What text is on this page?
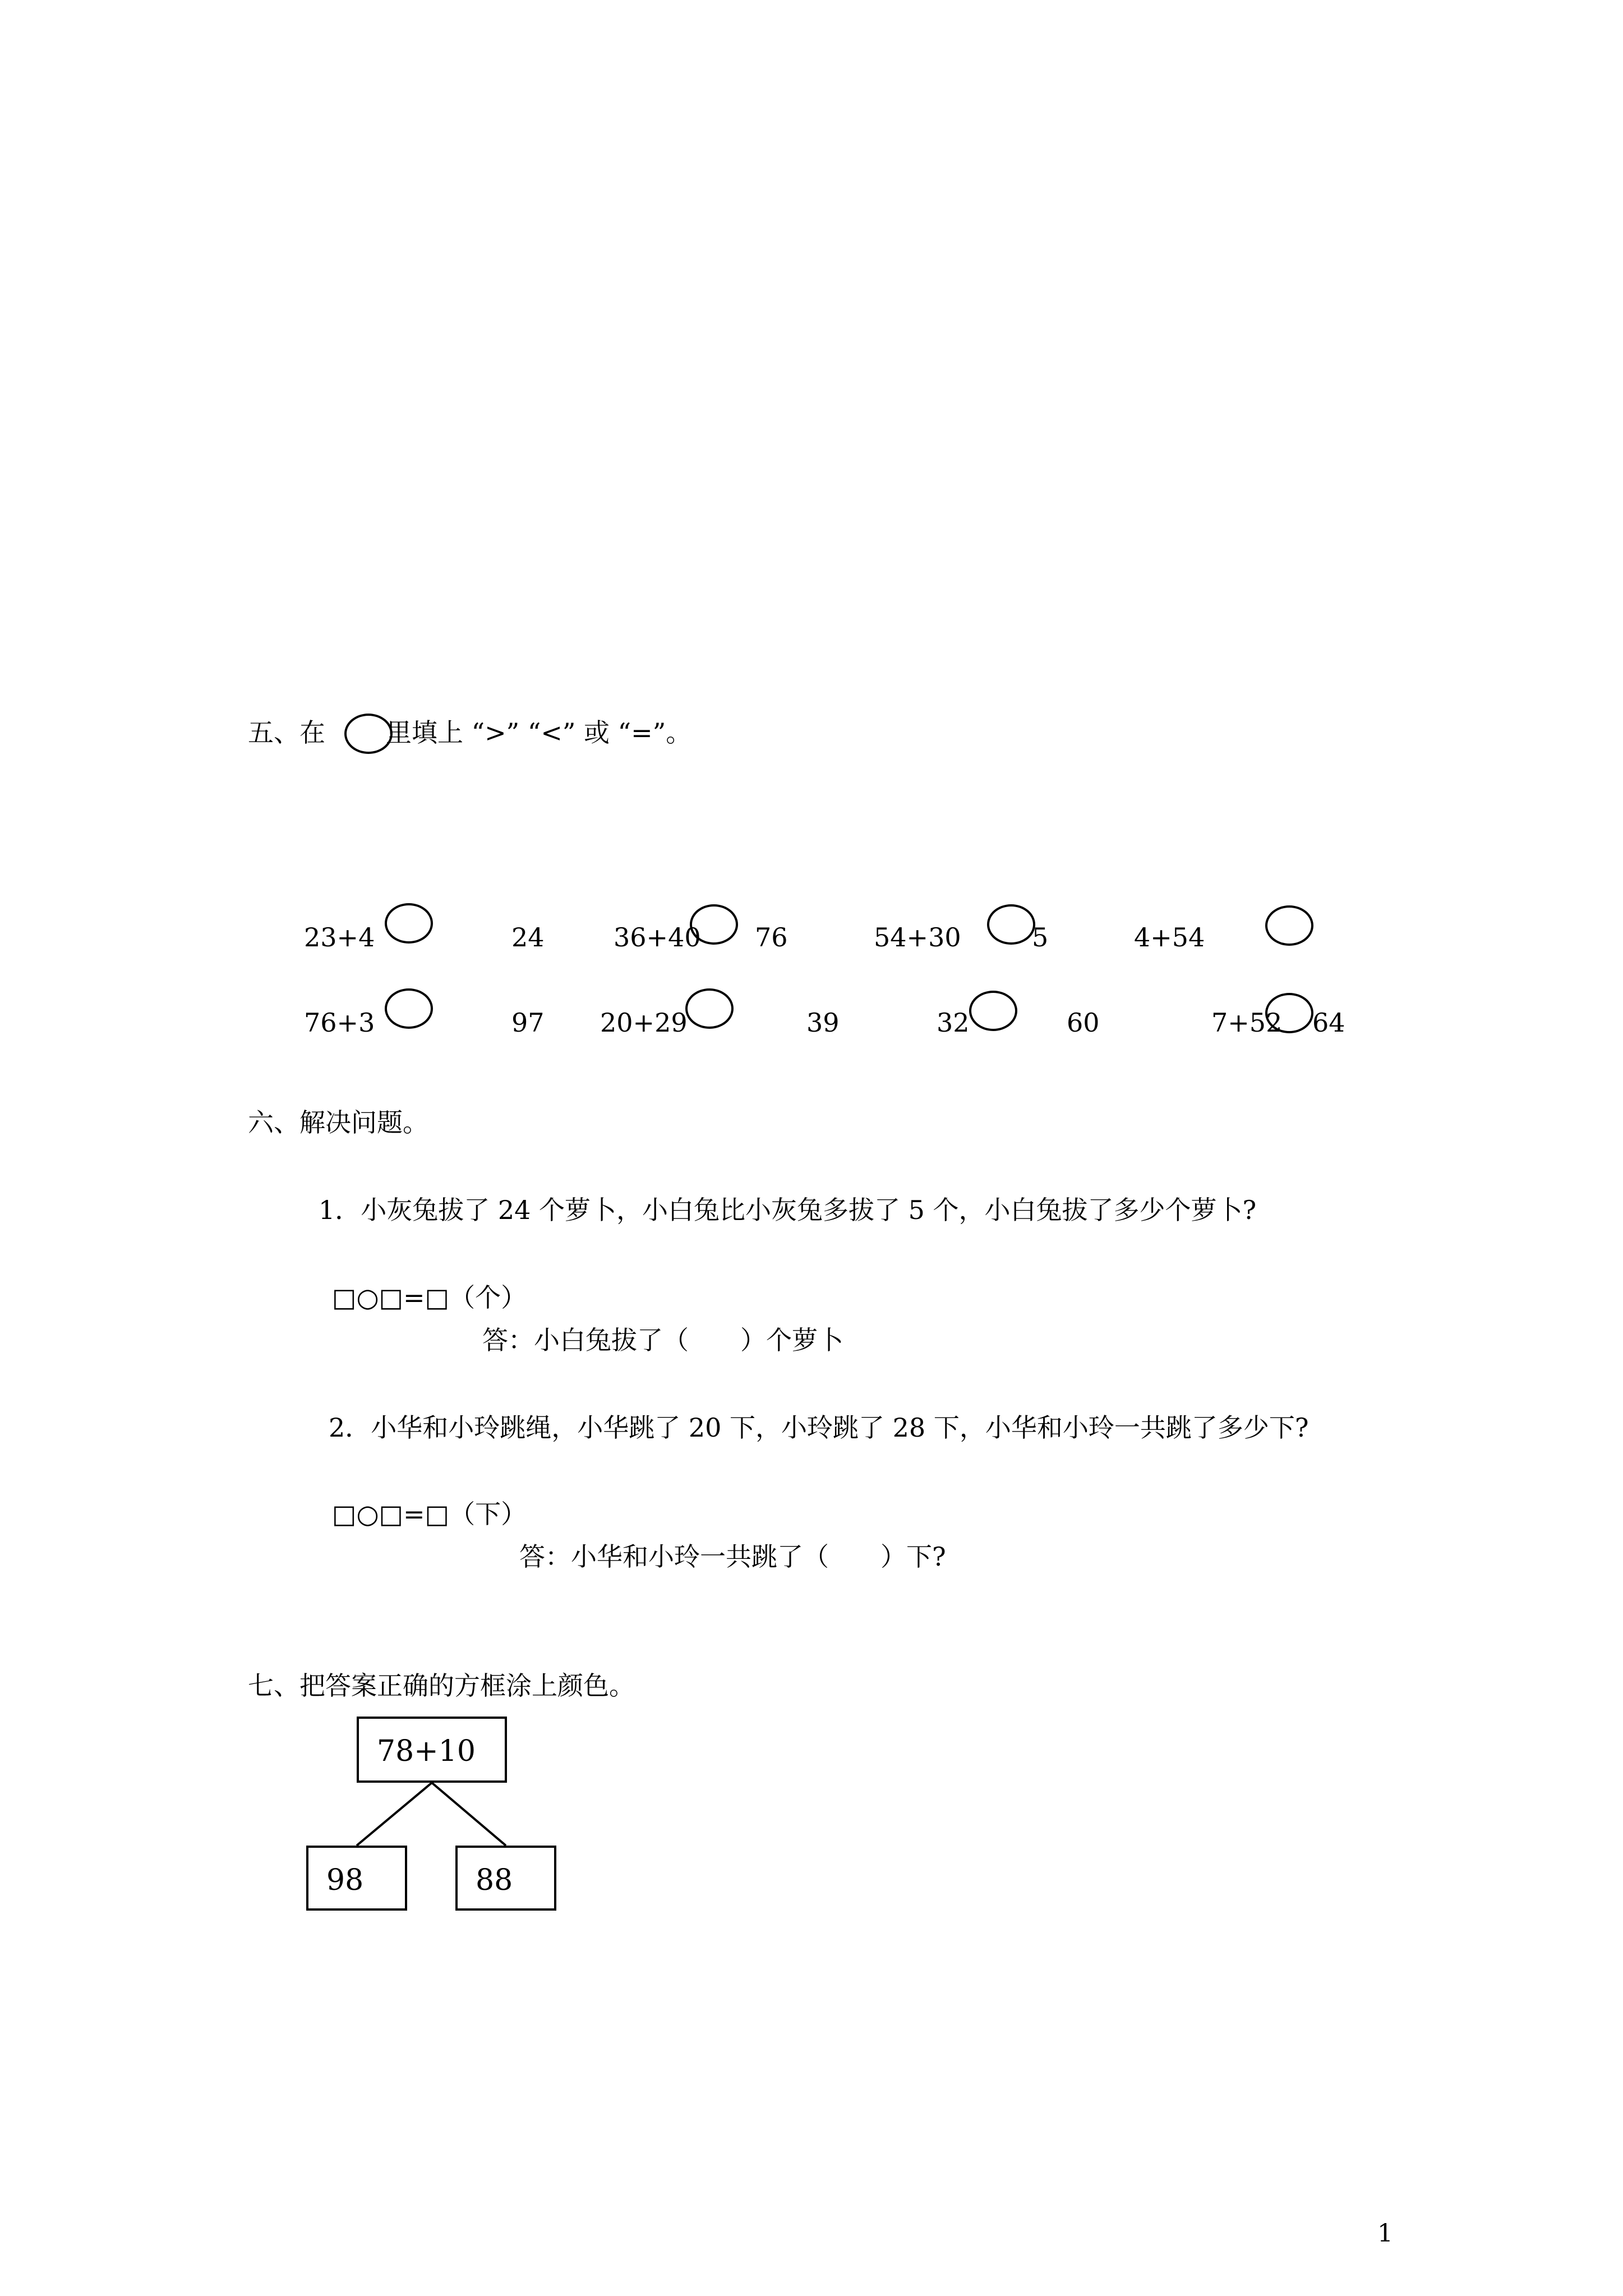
五、在 里填上 “>” “<” 或 “=”。
23+4	24	36+40 76	54+30	5	4+54
76+3	97 20+29	39	32	60	7+52 64
六、解决问题。
1．小灰兔拔了 24 个萝卜，小白兔比小灰兔多拔了 5 个，小白兔拔了多少个萝卜?
□○□=□（个）
答：小白兔拔了（　　）个萝卜
2．小华和小玲跳绳，小华跳了 20 下，小玲跳了 28 下，小华和小玲一共跳了多少下?
□○□=□（下）
答：小华和小玲一共跳了（　　）下?
七、把答案正确的方框涂上颜色。
78+10
98	88
1
